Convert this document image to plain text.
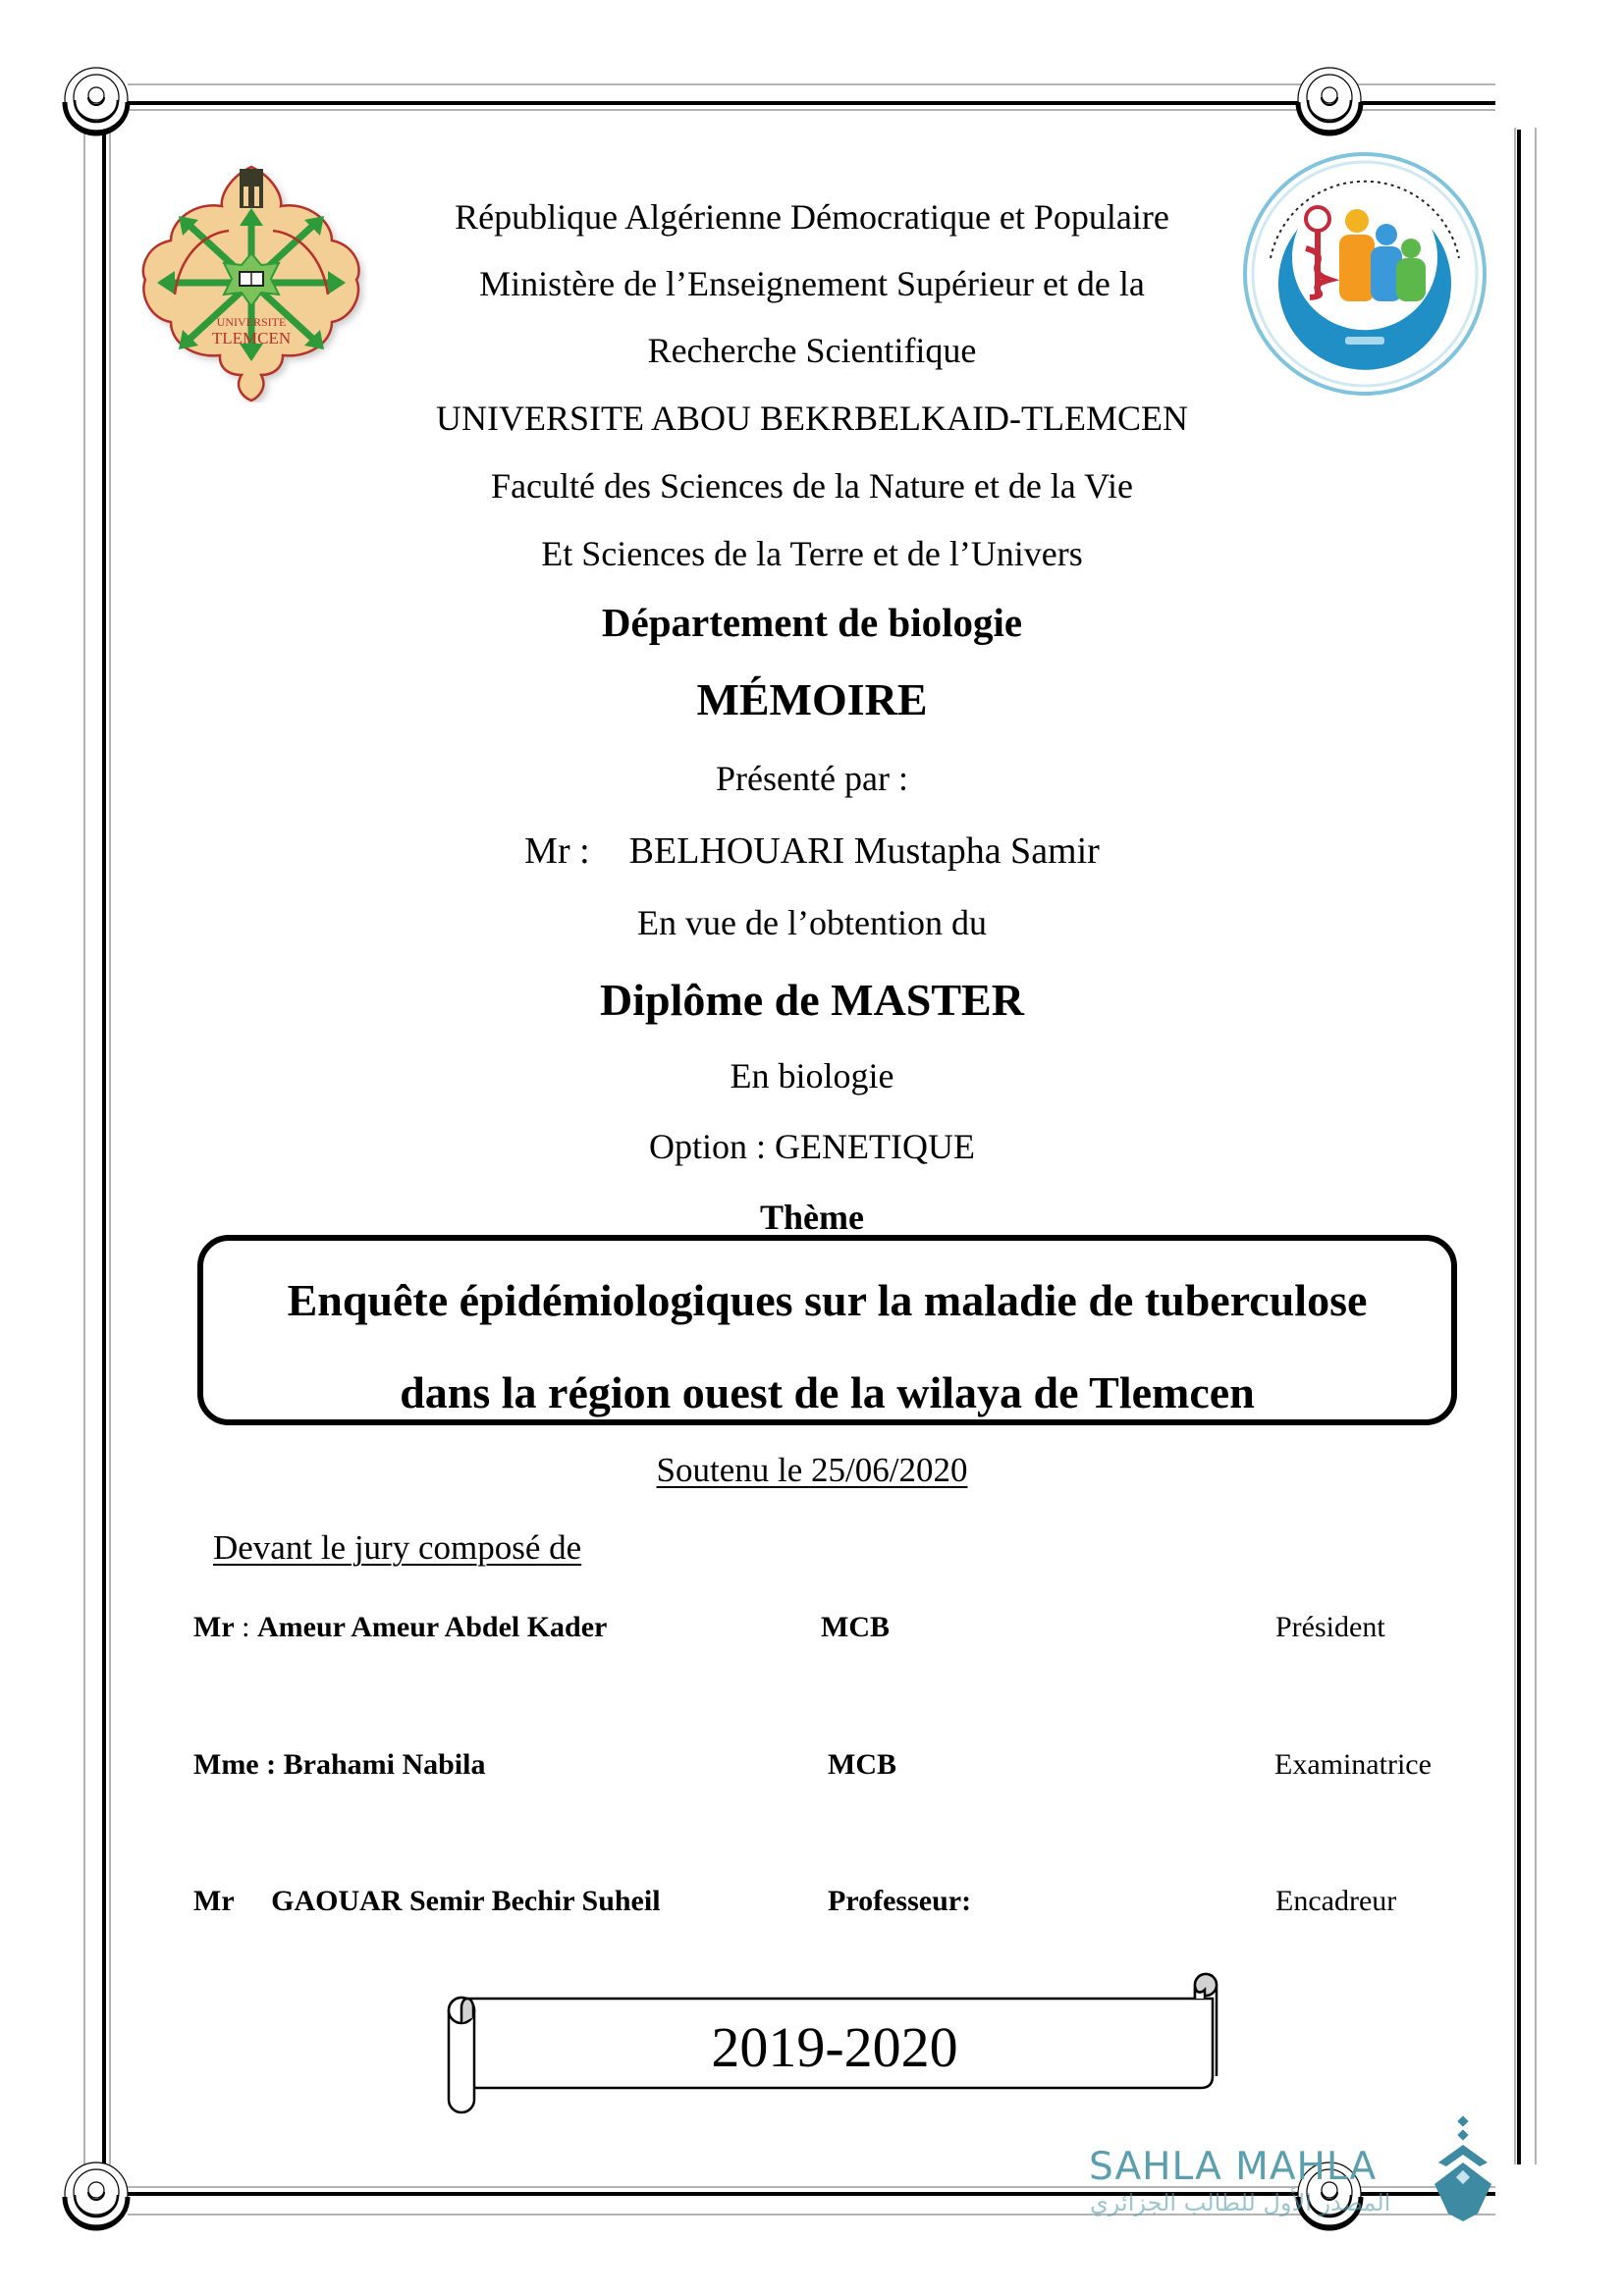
UNIVERSITE
TLEMCEN
République Algérienne Démocratique et Populaire
Ministère de l’Enseignement Supérieur et de la
Recherche Scientifique
UNIVERSITE ABOU BEKRBELKAID-TLEMCEN
Faculté des Sciences de la Nature et de la Vie
Et Sciences de la Terre et de l’Univers
Département de biologie
MÉMOIRE
Présenté par :
Mr : BELHOUARI Mustapha Samir
En vue de l’obtention du
Diplôme de MASTER
En biologie
Option : GENETIQUE
Thème
Enquête épidémiologiques sur la maladie de tuberculose
dans la région ouest de la wilaya de Tlemcen
Soutenu le 25/06/2020
Devant le jury composé de
Mr : Ameur Ameur Abdel Kader	MCB	Président
Mme : Brahami Nabila	MCB	Examinatrice
Mr GAOUAR Semir Bechir Suheil	Professeur:	Encadreur
2019-2020
SAHLA MAHLA
المصدر الأول للطالب الجزائري
